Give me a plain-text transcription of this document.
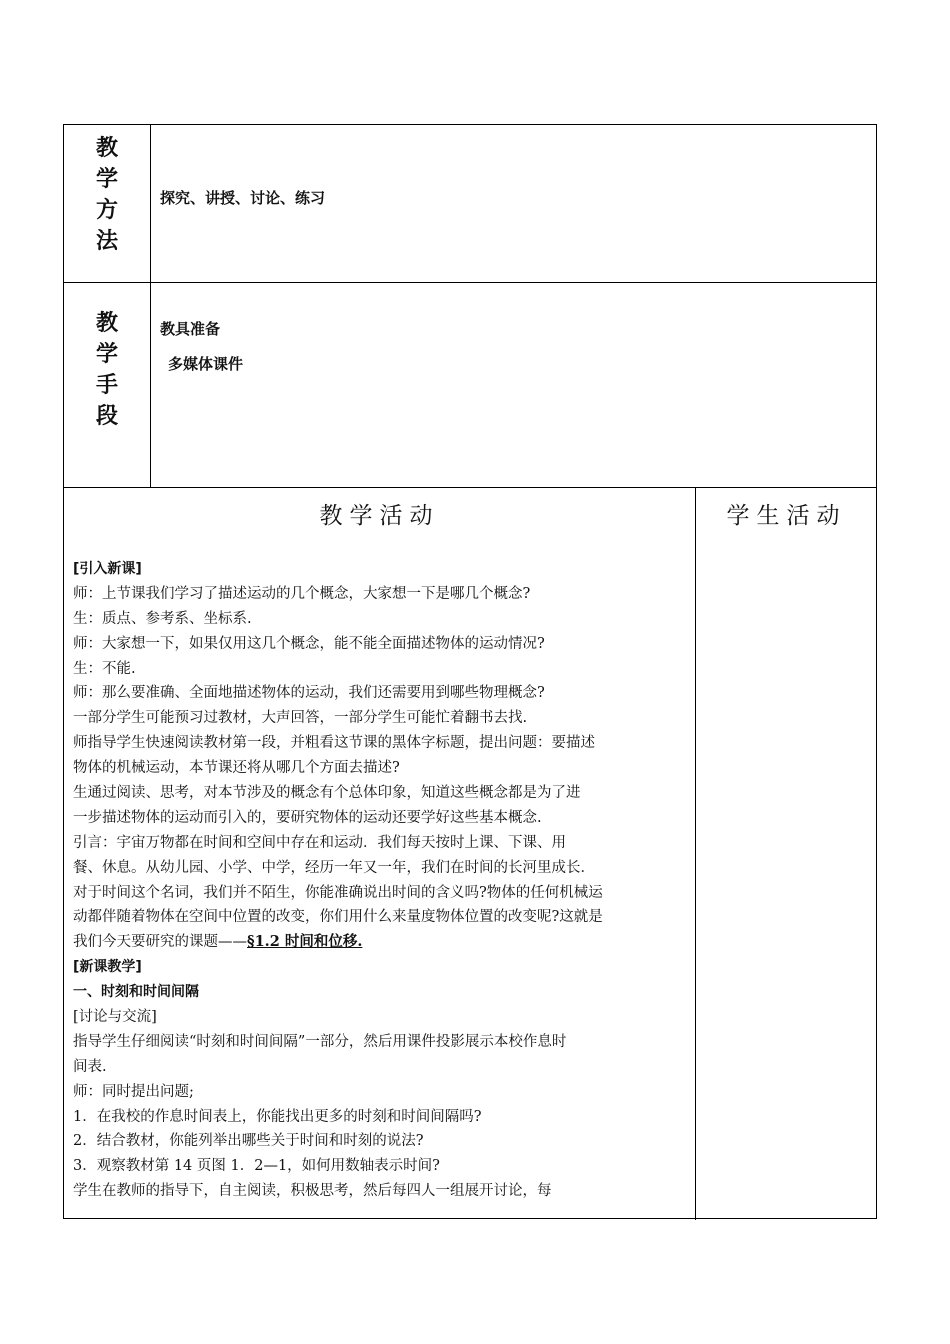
教
学
方
法
探究、讲授、讨论、练习
教
学
手
段
教具准备
多媒体课件
教学活动	学生活动
[引入新课]
师：上节课我们学习了描述运动的几个概念，大家想一下是哪几个概念?
生：质点、参考系、坐标系.
师：大家想一下，如果仅用这几个概念，能不能全面描述物体的运动情况?
生：不能.
师：那么要准确、全面地描述物体的运动，我们还需要用到哪些物理概念?
一部分学生可能预习过教材，大声回答，一部分学生可能忙着翻书去找.
师指导学生快速阅读教材第一段，并粗看这节课的黑体字标题，提出问题：要描述
物体的机械运动，本节课还将从哪几个方面去描述?
生通过阅读、思考，对本节涉及的概念有个总体印象，知道这些概念都是为了进
一步描述物体的运动而引入的，要研究物体的运动还要学好这些基本概念.
引言：宇宙万物都在时间和空间中存在和运动．我们每天按时上课、下课、用
餐、休息。从幼儿园、小学、中学，经历一年又一年，我们在时间的长河里成长．
对于时间这个名词，我们并不陌生，你能准确说出时间的含义吗?物体的任何机械运
动都伴随着物体在空间中位置的改变，你们用什么来量度物体位置的改变呢?这就是
我们今天要研究的课题——§1.2 时间和位移.
[新课教学]
一、时刻和时间间隔
[讨论与交流]
指导学生仔细阅读“时刻和时间间隔”一部分，然后用课件投影展示本校作息时
间表.
师：同时提出问题;
1．在我校的作息时间表上，你能找出更多的时刻和时间间隔吗?
2．结合教材，你能列举出哪些关于时间和时刻的说法?
3．观察教材第 14 页图 1．2—1，如何用数轴表示时间?
学生在教师的指导下，自主阅读，积极思考，然后每四人一组展开讨论，每
